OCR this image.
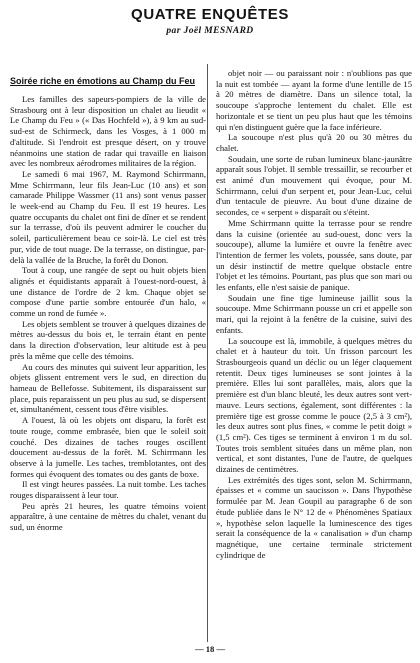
QUATRE ENQUÊTES
par Joël MESNARD
Soirée riche en émotions au Champ du Feu

Les familles des sapeurs-pompiers de la ville de Strasbourg ont à leur disposition un chalet au lieudit « Le Champ du Feu » (« Das Hochfeld »), à 9 km au sud-sud-est de Schirmeck, dans les Vosges, à 1 000 m d'altitude. Si l'endroit est presque désert, on y trouve néanmoins une station de radar qui travaille en liaison avec les nombreux aérodromes militaires de la région.

Le samedi 6 mai 1967, M. Raymond Schirrmann, Mme Schirrmann, leur fils Jean-Luc (10 ans) et son camarade Philippe Wassmer (11 ans) sont venus passer le week-end au Champ du Feu. Il est 19 heures. Les quatre occupants du chalet ont fini de dîner et se rendent sur la terrasse, d'où ils peuvent admirer le coucher du soleil, particulièrement beau ce soir-là. Le ciel est très pur, vide de tout nuage. De la terrasse, on distingue, par-delà la vallée de la Bruche, la forêt du Donon.

Tout à coup, une rangée de sept ou huit objets bien alignés et équidistants apparaît à l'ouest-nord-ouest, à une distance de l'ordre de 2 km. Chaque objet se compose d'une partie sombre entourée d'un halo, « comme un rond de fumée ».

Les objets semblent se trouver à quelques dizaines de mètres au-dessus du bois et, le terrain étant en pente dans la direction d'observation, leur altitude est à peu près la même que celle des témoins.

Au cours des minutes qui suivent leur apparition, les objets glissent entrement vers le sud, en direction du hameau de Bellefosse. Subitement, ils disparaissent sur place, puis reparaissent un peu plus au sud, se dispersent et, simultanément, cessent tous d'être visibles.

A l'ouest, là où les objets ont disparu, la forêt est toute rouge, comme embrasée, bien que le soleil soit couché. Des dizaines de taches rouges oscillent doucement au-dessus de la forêt. M. Schirrmann les observe à la jumelle. Les taches, tremblotantes, ont des formes qui évoquent des tomates ou des gants de boxe.

Il est vingt heures passées. La nuit tombe. Les taches rouges disparaissent à leur tour.

Peu après 21 heures, les quatre témoins voient apparaître, à une centaine de mètres du chalet, venant du sud, un énorme

objet noir — ou paraissant noir : n'oublions pas que la nuit est tombée — ayant la forme d'une lentille de 15 à 20 mètres de diamètre. Dans un silence total, la soucoupe s'approche lentement du chalet. Elle est horizontale et se tient un peu plus haut que les témoins qui n'en distinguent guère que la face inférieure.

La soucoupe n'est plus qu'à 20 ou 30 mètres du chalet.

Soudain, une sorte de ruban lumineux blanc-jaunâtre apparaît sous l'objet. Il semble tressaillir, se recourber et est animé d'un mouvement qui évoque, pour M. Schirrmann, celui d'un serpent et, pour Jean-Luc, celui d'un tentacule de pieuvre. Au bout d'une dizaine de secondes, ce « serpent » disparaît ou s'éteint.

Mme Schirrmann quitte la terrasse pour se rendre dans la cuisine (orientée au sud-ouest, donc vers la soucoupe), allume la lumière et ouvre la fenêtre avec l'intention de fermer les volets, poussée, sans doute, par un désir instinctif de mettre quelque obstacle entre l'objet et les témoins. Pourtant, pas plus que son mari ou les enfants, elle n'est saisie de panique.

Soudain une fine tige lumineuse jaillit sous la soucoupe. Mme Schirrmann pousse un cri et appelle son mari, qui la rejoint à la fenêtre de la cuisine, suivi des enfants.

La soucoupe est là, immobile, à quelques mètres du chalet et à hauteur du toit. Un frisson parcourt les Strasbourgeois quand un déclic ou un léger claquement retentit. Deux tiges lumineuses se sont jointes à la première. Elles lui sont parallèles, mais, alors que la première est d'un blanc bleuté, les deux autres sont vert-mauve. Leurs sections, également, sont différentes : la première tige est grosse comme le pouce (2,5 à 3 cm²), les deux autres sont plus fines, « comme le petit doigt » (1,5 cm²). Ces tiges se terminent à environ 1 m du sol. Toutes trois semblent situées dans un même plan, non vertical, et sont distantes, l'une de l'autre, de quelques dizaines de centimètres.

Les extrémités des tiges sont, selon M. Schirrmann, épaisses et « comme un saucisson ». Dans l'hypothèse formulée par M. Jean Goupil au paragraphe 6 de son étude publiée dans le N° 12 de « Phénomènes Spatiaux », hypothèse selon laquelle la luminescence des tiges serait la conséquence de la « canalisation » d'un champ magnétique, une certaine terminale strictement cylindrique de

— 18 —
